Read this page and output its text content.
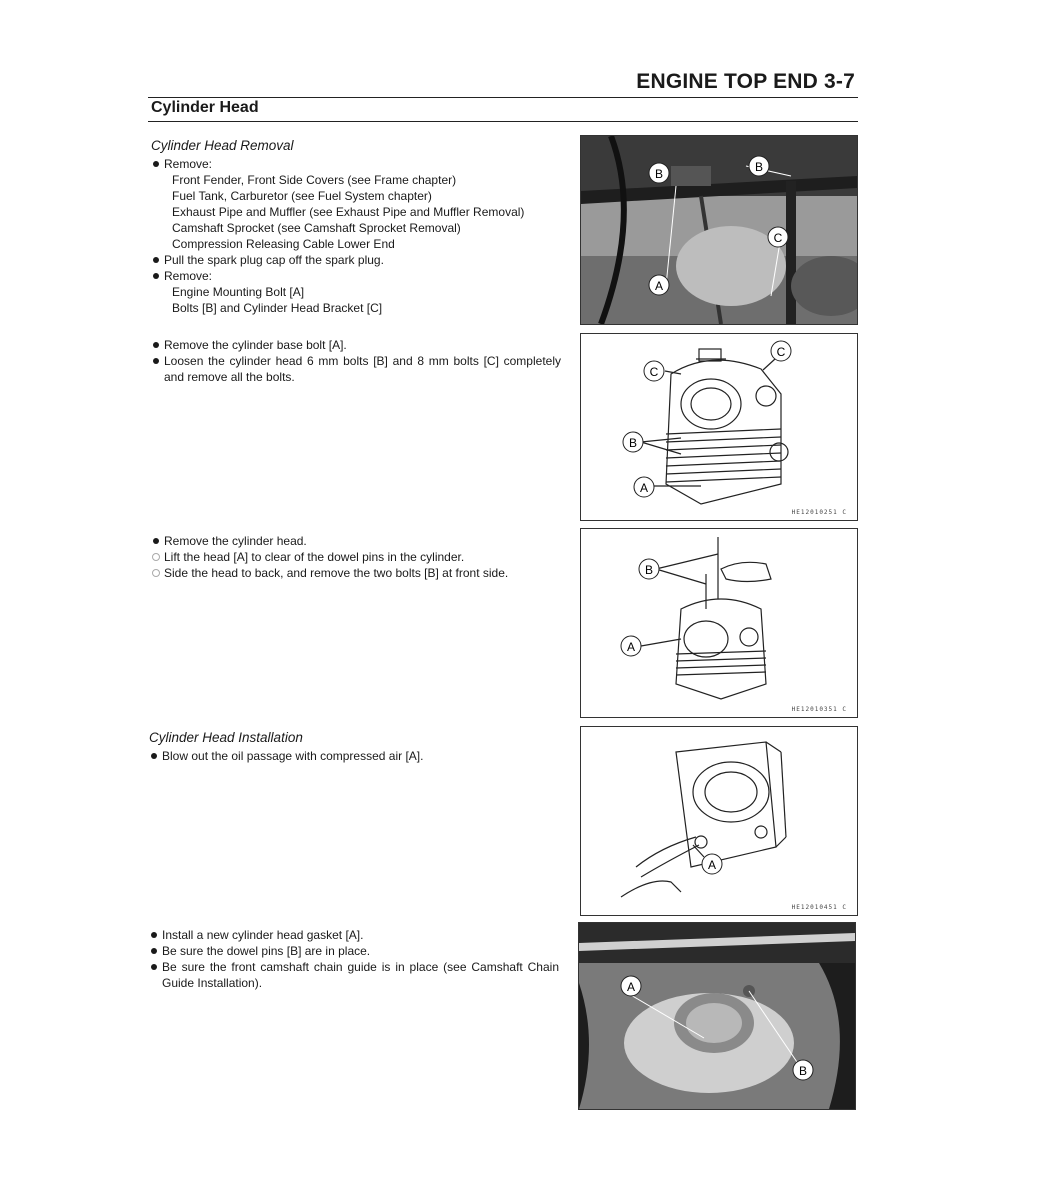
ENGINE TOP END 3-7
Cylinder Head
Cylinder Head Removal
Remove:
Front Fender, Front Side Covers (see Frame chapter)
Fuel Tank, Carburetor (see Fuel System chapter)
Exhaust Pipe and Muffler (see Exhaust Pipe and Muffler Removal)
Camshaft Sprocket (see Camshaft Sprocket Removal)
Compression Releasing Cable Lower End
Pull the spark plug cap off the spark plug.
Remove:
Engine Mounting Bolt [A]
Bolts [B] and Cylinder Head Bracket [C]
Remove the cylinder base bolt [A].
Loosen the cylinder head 6 mm bolts [B] and 8 mm bolts [C] completely and remove all the bolts.
Remove the cylinder head.
Lift the head [A] to clear of the dowel pins in the cylinder.
Side the head to back, and remove the two bolts [B] at front side.
Cylinder Head Installation
Blow out the oil passage with compressed air [A].
Install a new cylinder head gasket [A].
Be sure the dowel pins [B] are in place.
Be sure the front camshaft chain guide is in place (see Camshaft Chain Guide Installation).
B	B
C
A
C
C
B
A
HE12010251 C
B
A
HE12010351 C
A
HE12010451 C
A
B
